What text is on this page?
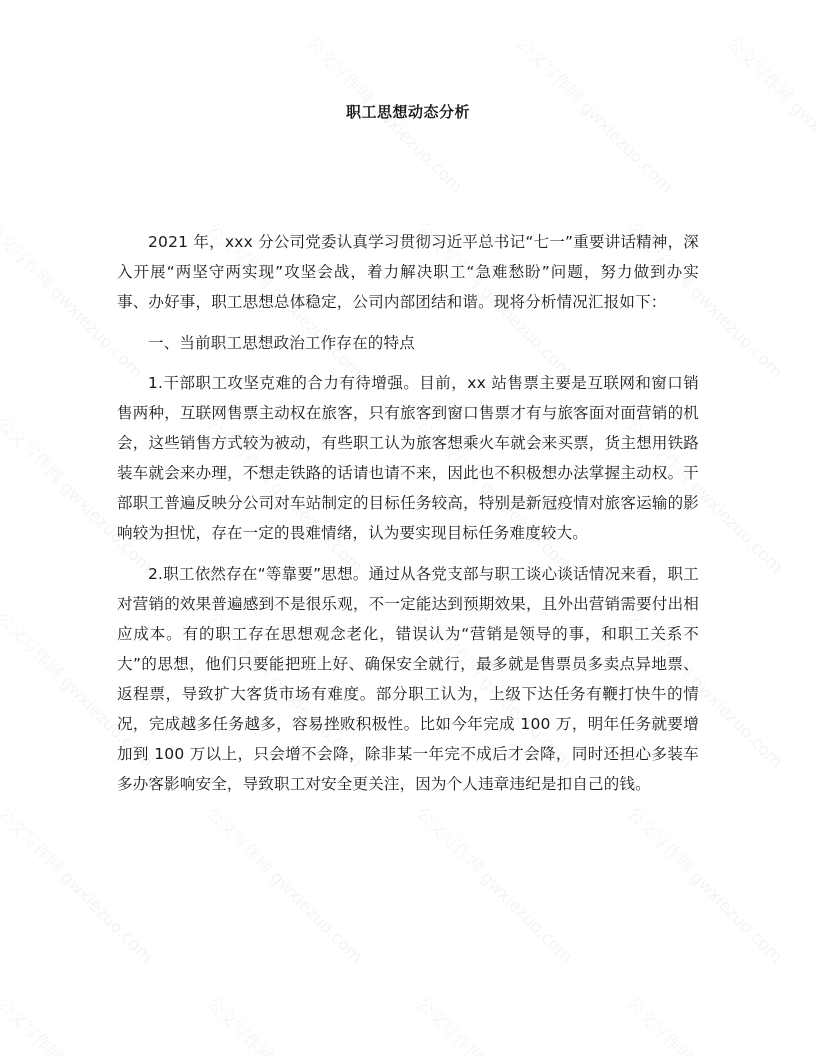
职工思想动态分析

2021 年，xxx 分公司党委认真学习贯彻习近平总书记“七一”重要讲话精神，深入开展“两坚守两实现”攻坚会战，着力解决职工“急难愁盼”问题，努力做到办实事、办好事，职工思想总体稳定，公司内部团结和谐。现将分析情况汇报如下：

一、当前职工思想政治工作存在的特点

1.干部职工攻坚克难的合力有待增强。目前，xx 站售票主要是互联网和窗口销售两种，互联网售票主动权在旅客，只有旅客到窗口售票才有与旅客面对面营销的机会，这些销售方式较为被动，有些职工认为旅客想乘火车就会来买票，货主想用铁路装车就会来办理，不想走铁路的话请也请不来，因此也不积极想办法掌握主动权。干部职工普遍反映分公司对车站制定的目标任务较高，特别是新冠疫情对旅客运输的影响较为担忧，存在一定的畏难情绪，认为要实现目标任务难度较大。

2.职工依然存在“等靠要”思想。通过从各党支部与职工谈心谈话情况来看，职工对营销的效果普遍感到不是很乐观，不一定能达到预期效果，且外出营销需要付出相应成本。有的职工存在思想观念老化，错误认为“营销是领导的事，和职工关系不大”的思想，他们只要能把班上好、确保安全就行，最多就是售票员多卖点异地票、返程票，导致扩大客货市场有难度。部分职工认为，上级下达任务有鞭打快牛的情况，完成越多任务越多，容易挫败积极性。比如今年完成 100 万，明年任务就要增加到 100 万以上，只会增不会降，除非某一年完不成后才会降，同时还担心多装车多办客影响安全，导致职工对安全更关注，因为个人违章违纪是扣自己的钱。
